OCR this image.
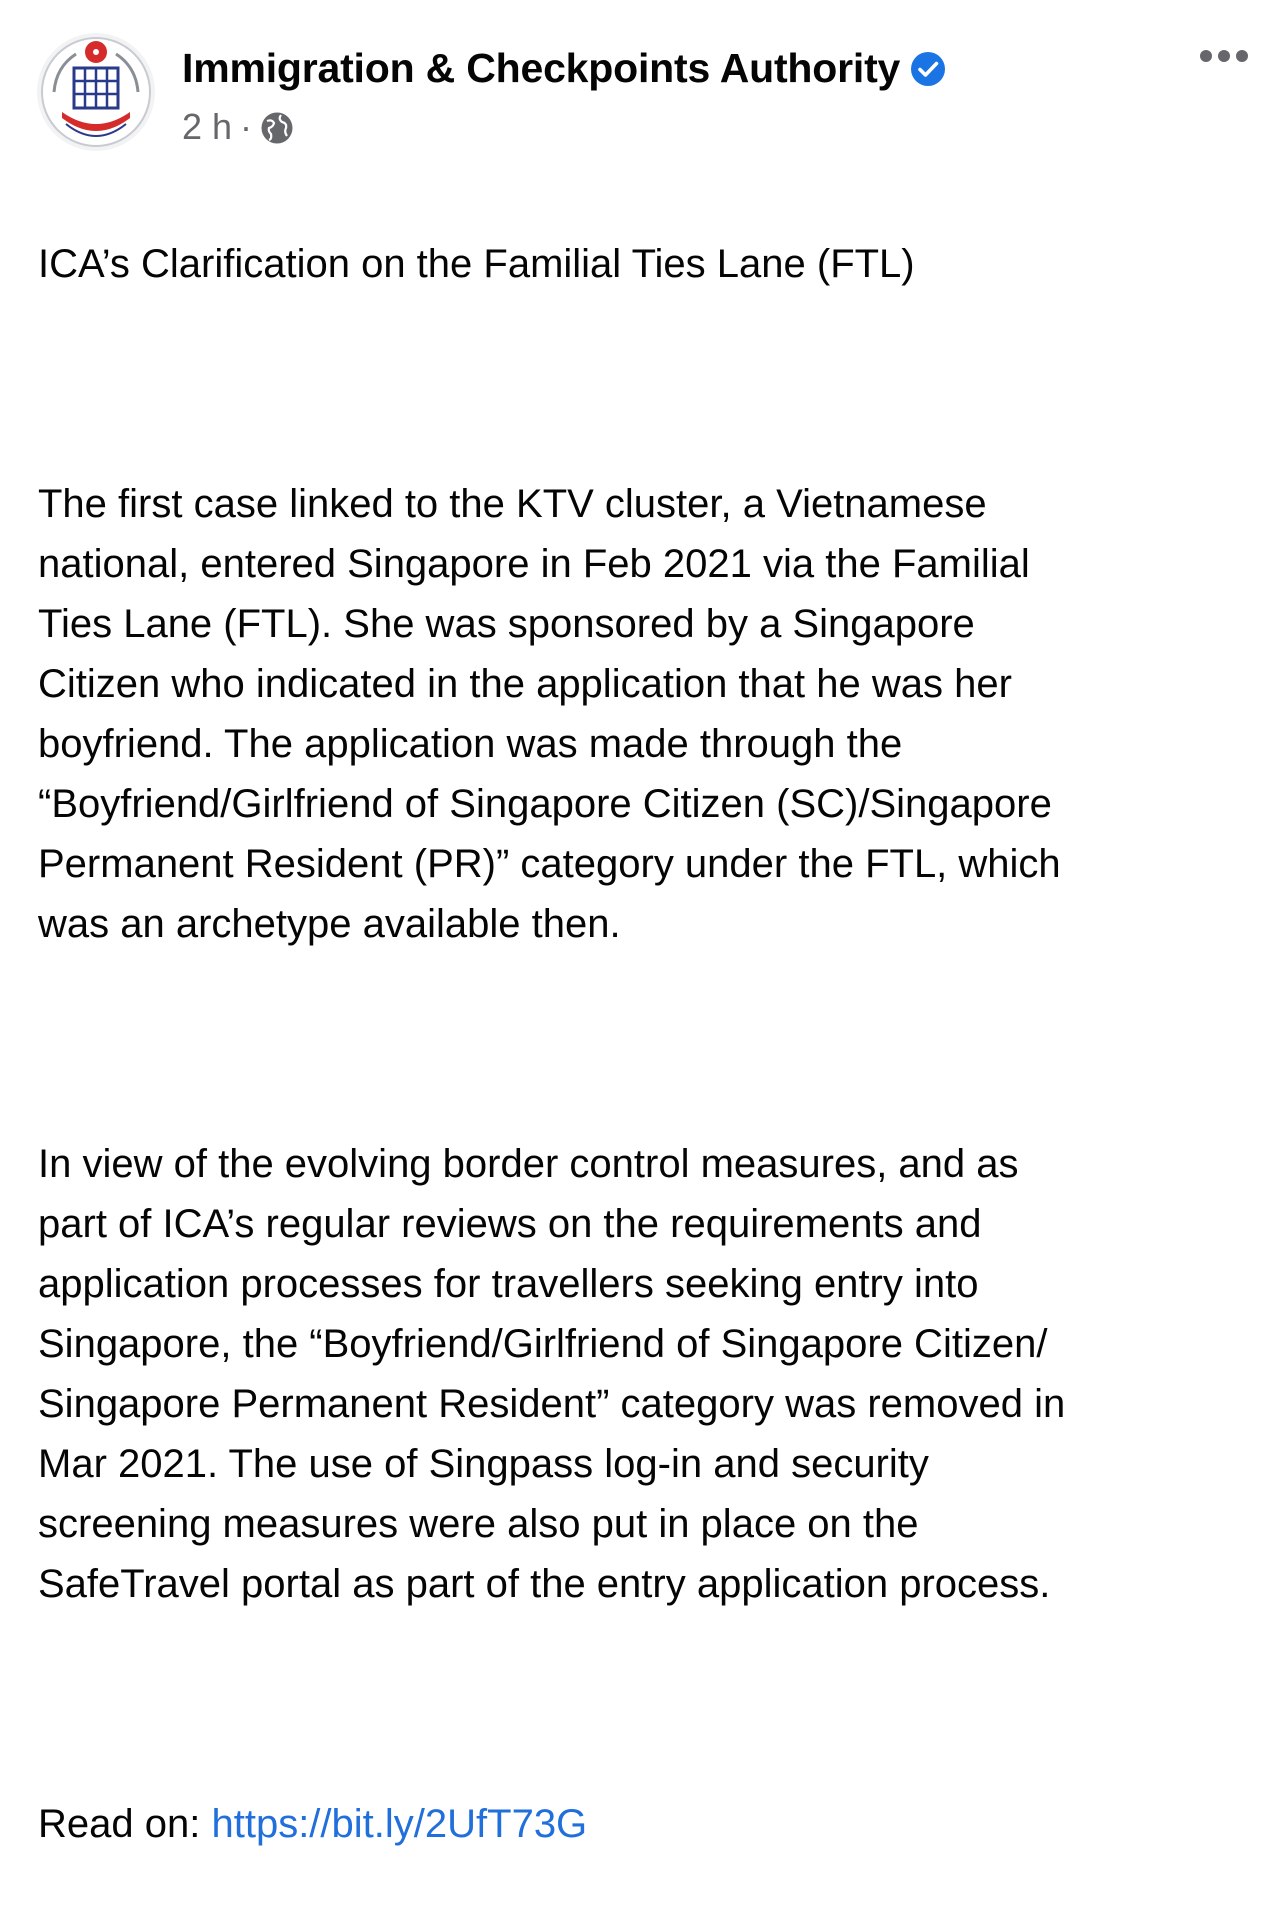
Immigration & Checkpoints Authority
2 h ·

ICA’s Clarification on the Familial Ties Lane (FTL)

The first case linked to the KTV cluster, a Vietnamese
national, entered Singapore in Feb 2021 via the Familial
Ties Lane (FTL). She was sponsored by a Singapore
Citizen who indicated in the application that he was her
boyfriend. The application was made through the
“Boyfriend/Girlfriend of Singapore Citizen (SC)/Singapore
Permanent Resident (PR)” category under the FTL, which
was an archetype available then.

In view of the evolving border control measures, and as
part of ICA’s regular reviews on the requirements and
application processes for travellers seeking entry into
Singapore, the “Boyfriend/Girlfriend of Singapore Citizen/
Singapore Permanent Resident” category was removed in
Mar 2021. The use of Singpass log-in and security
screening measures were also put in place on the
SafeTravel portal as part of the entry application process.

Read on: https://bit.ly/2UfT73G
